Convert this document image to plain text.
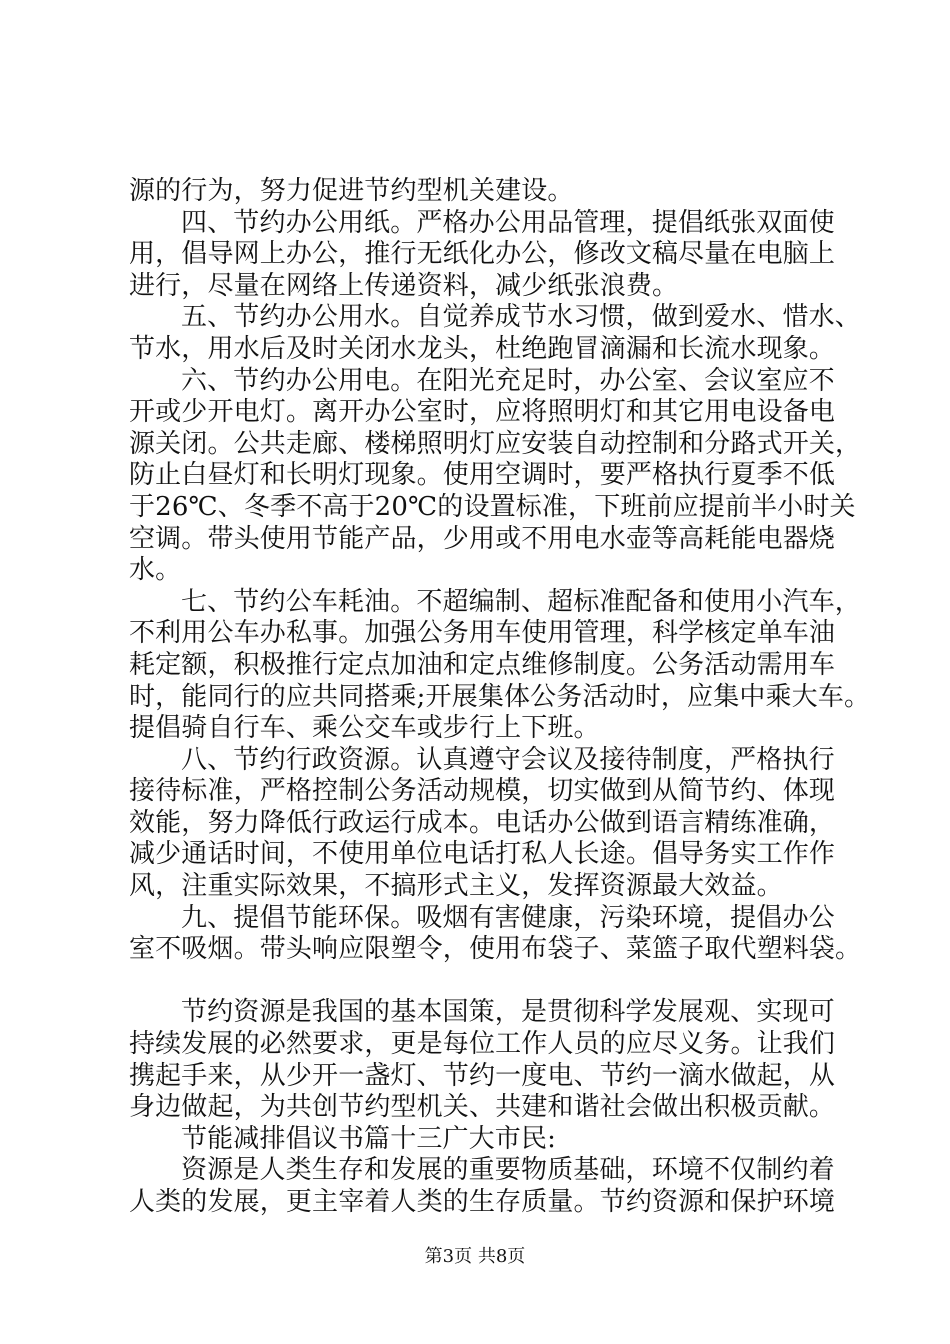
源的行为，努力促进节约型机关建设。
四、节约办公用纸。严格办公用品管理，提倡纸张双面使
用，倡导网上办公，推行无纸化办公，修改文稿尽量在电脑上
进行，尽量在网络上传递资料，减少纸张浪费。
五、节约办公用水。自觉养成节水习惯，做到爱水、惜水、
节水，用水后及时关闭水龙头，杜绝跑冒滴漏和长流水现象。
六、节约办公用电。在阳光充足时，办公室、会议室应不
开或少开电灯。离开办公室时，应将照明灯和其它用电设备电
源关闭。公共走廊、楼梯照明灯应安装自动控制和分路式开关，
防止白昼灯和长明灯现象。使用空调时，要严格执行夏季不低
于26℃、冬季不高于20℃的设置标准，下班前应提前半小时关
空调。带头使用节能产品，少用或不用电水壶等高耗能电器烧
水。
七、节约公车耗油。不超编制、超标准配备和使用小汽车，
不利用公车办私事。加强公务用车使用管理，科学核定单车油
耗定额，积极推行定点加油和定点维修制度。公务活动需用车
时，能同行的应共同搭乘;开展集体公务活动时，应集中乘大车。
提倡骑自行车、乘公交车或步行上下班。
八、节约行政资源。认真遵守会议及接待制度，严格执行
接待标准，严格控制公务活动规模，切实做到从简节约、体现
效能，努力降低行政运行成本。电话办公做到语言精练准确，
减少通话时间，不使用单位电话打私人长途。倡导务实工作作
风，注重实际效果，不搞形式主义，发挥资源最大效益。
九、提倡节能环保。吸烟有害健康，污染环境，提倡办公
室不吸烟。带头响应限塑令，使用布袋子、菜篮子取代塑料袋。
节约资源是我国的基本国策，是贯彻科学发展观、实现可
持续发展的必然要求，更是每位工作人员的应尽义务。让我们
携起手来，从少开一盏灯、节约一度电、节约一滴水做起，从
身边做起，为共创节约型机关、共建和谐社会做出积极贡献。
节能减排倡议书篇十三广大市民:
资源是人类生存和发展的重要物质基础，环境不仅制约着
人类的发展，更主宰着人类的生存质量。节约资源和保护环境
第3页 共8页
